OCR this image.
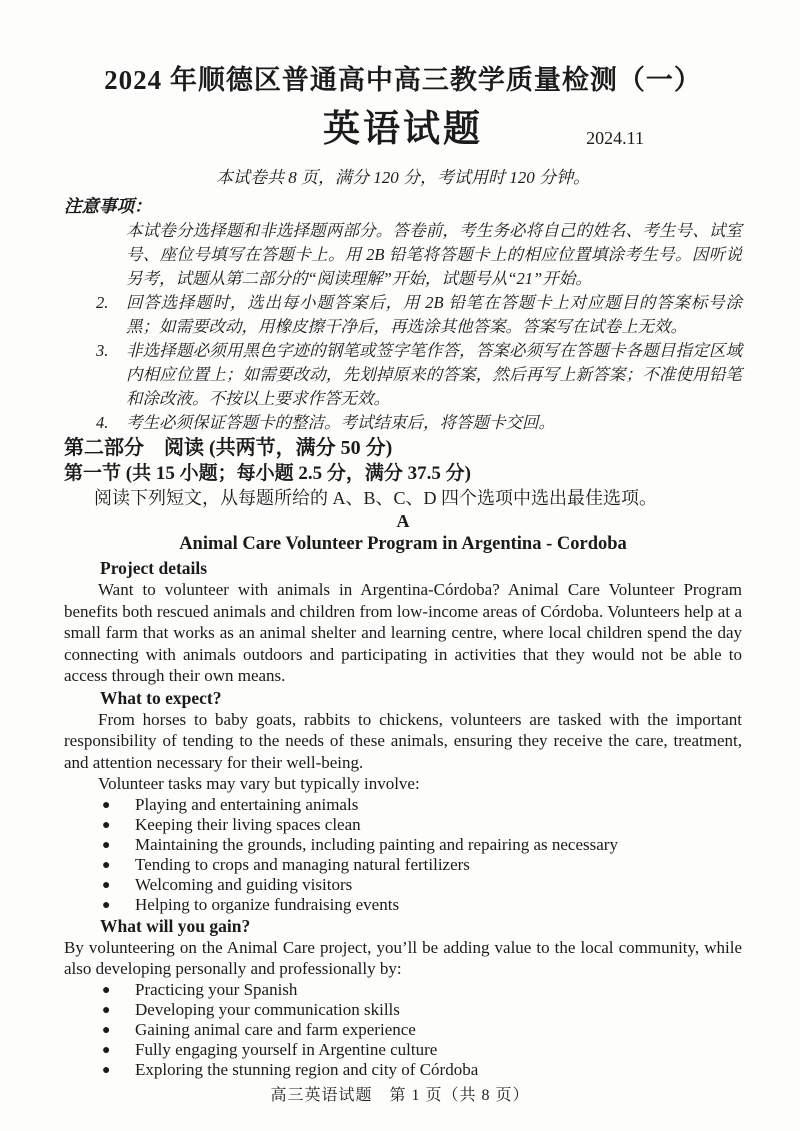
2024 年顺德区普通高中高三教学质量检测（一）
英语试题	2024.11
本试卷共 8 页，满分 120 分，考试用时 120 分钟。
注意事项：
本试卷分选择题和非选择题两部分。答卷前，考生务必将自己的姓名、考生号、试室号、座位号填写在答题卡上。用 2B 铅笔将答题卡上的相应位置填涂考生号。因听说另考，试题从第二部分的“阅读理解”开始，试题号从“21”开始。
2. 回答选择题时，选出每小题答案后，用 2B 铅笔在答题卡上对应题目的答案标号涂黑；如需要改动，用橡皮擦干净后，再选涂其他答案。答案写在试卷上无效。
3. 非选择题必须用黑色字迹的钢笔或签字笔作答，答案必须写在答题卡各题目指定区域内相应位置上；如需要改动，先划掉原来的答案，然后再写上新答案；不准使用铅笔和涂改液。不按以上要求作答无效。
4. 考生必须保证答题卡的整洁。考试结束后，将答题卡交回。
第二部分　阅读 (共两节，满分 50 分)
第一节 (共 15 小题；每小题 2.5 分，满分 37.5 分)
阅读下列短文，从每题所给的 A、B、C、D 四个选项中选出最佳选项。
A
Animal Care Volunteer Program in Argentina - Cordoba
Project details

Want to volunteer with animals in Argentina-Córdoba? Animal Care Volunteer Program benefits both rescued animals and children from low-income areas of Córdoba. Volunteers help at a small farm that works as an animal shelter and learning centre, where local children spend the day connecting with animals outdoors and participating in activities that they would not be able to access through their own means.

What to expect?

From horses to baby goats, rabbits to chickens, volunteers are tasked with the important responsibility of tending to the needs of these animals, ensuring they receive the care, treatment, and attention necessary for their well-being.

Volunteer tasks may vary but typically involve:

● Playing and entertaining animals
● Keeping their living spaces clean
● Maintaining the grounds, including painting and repairing as necessary
● Tending to crops and managing natural fertilizers
● Welcoming and guiding visitors
● Helping to organize fundraising events
What will you gain?

By volunteering on the Animal Care project, you’ll be adding value to the local community, while also developing personally and professionally by:

● Practicing your Spanish
● Developing your communication skills
● Gaining animal care and farm experience
● Fully engaging yourself in Argentine culture
● Exploring the stunning region and city of Córdoba
高三英语试题　第 1 页（共 8 页）
